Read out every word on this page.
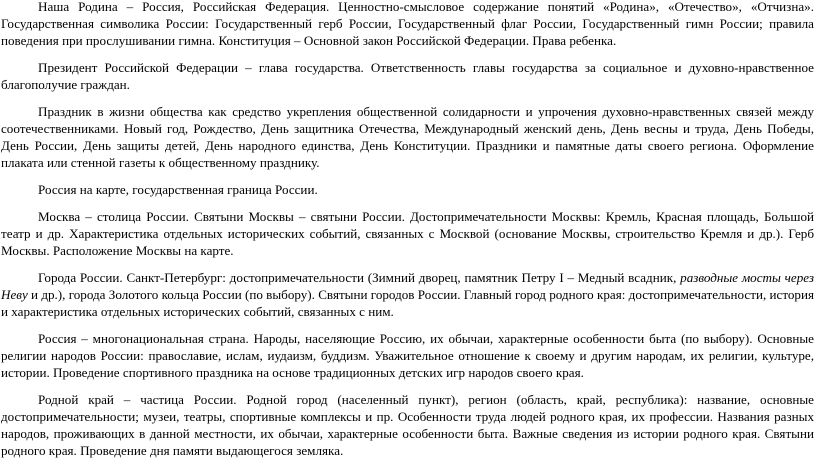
Наша Родина – Россия, Российская Федерация. Ценностно-смысловое содержание понятий «Родина», «Отечество», «Отчизна». Государственная символика России: Государственный герб России, Государственный флаг России, Государственный гимн России; правила поведения при прослушивании гимна. Конституция – Основной закон Российской Федерации. Права ребенка.

Президент Российской Федерации – глава государства. Ответственность главы государства за социальное и духовно-нравственное благополучие граждан.

Праздник в жизни общества как средство укрепления общественной солидарности и упрочения духовно-нравственных связей между соотечественниками. Новый год, Рождество, День защитника Отечества, Международный женский день, День весны и труда, День Победы, День России, День защиты детей, День народного единства, День Конституции. Праздники и памятные даты своего региона. Оформление плаката или стенной газеты к общественному празднику.

Россия на карте, государственная граница России.

Москва – столица России. Святыни Москвы – святыни России. Достопримечательности Москвы: Кремль, Красная площадь, Большой театр и др. Характеристика отдельных исторических событий, связанных с Москвой (основание Москвы, строительство Кремля и др.). Герб Москвы. Расположение Москвы на карте.

Города России. Санкт-Петербург: достопримечательности (Зимний дворец, памятник Петру I – Медный всадник, разводные мосты через Неву и др.), города Золотого кольца России (по выбору). Святыни городов России. Главный город родного края: достопримечательности, история и характеристика отдельных исторических событий, связанных с ним.

Россия – многонациональная страна. Народы, населяющие Россию, их обычаи, характерные особенности быта (по выбору). Основные религии народов России: православие, ислам, иудаизм, буддизм. Уважительное отношение к своему и другим народам, их религии, культуре, истории. Проведение спортивного праздника на основе традиционных детских игр народов своего края.

Родной край – частица России. Родной город (населенный пункт), регион (область, край, республика): название, основные достопримечательности; музеи, театры, спортивные комплексы и пр. Особенности труда людей родного края, их профессии. Названия разных народов, проживающих в данной местности, их обычаи, характерные особенности быта. Важные сведения из истории родного края. Святыни родного края. Проведение дня памяти выдающегося земляка.
